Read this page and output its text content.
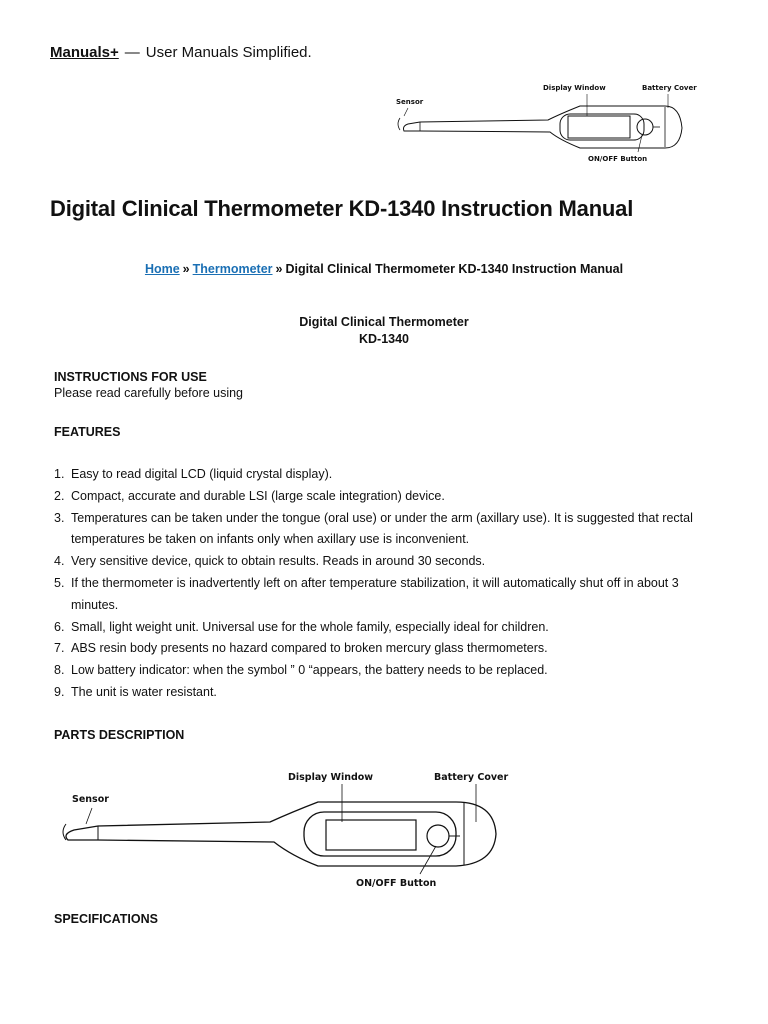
Manuals+ — User Manuals Simplified.
Display Window	Battery Cover
Sensor
ON/OFF Button
Digital Clinical Thermometer KD-1340 Instruction Manual
Home » Thermometer » Digital Clinical Thermometer KD-1340 Instruction Manual
Digital Clinical Thermometer
KD-1340
INSTRUCTIONS FOR USE
Please read carefully before using
FEATURES
1. Easy to read digital LCD (liquid crystal display).
2. Compact, accurate and durable LSI (large scale integration) device.
3. Temperatures can be taken under the tongue (oral use) or under the arm (axillary use). It is suggested that rectal temperatures be taken on infants only when axillary use is inconvenient.
4. Very sensitive device, quick to obtain results. Reads in around 30 seconds.
5. If the thermometer is inadvertently left on after temperature stabilization, it will automatically shut off in about 3 minutes.
6. Small, light weight unit. Universal use for the whole family, especially ideal for children.
7. ABS resin body presents no hazard compared to broken mercury glass thermometers.
8. Low battery indicator: when the symbol ” 0 “appears, the battery needs to be replaced.
9. The unit is water resistant.
PARTS DESCRIPTION
Display Window	Battery Cover
Sensor
ON/OFF Button
SPECIFICATIONS
